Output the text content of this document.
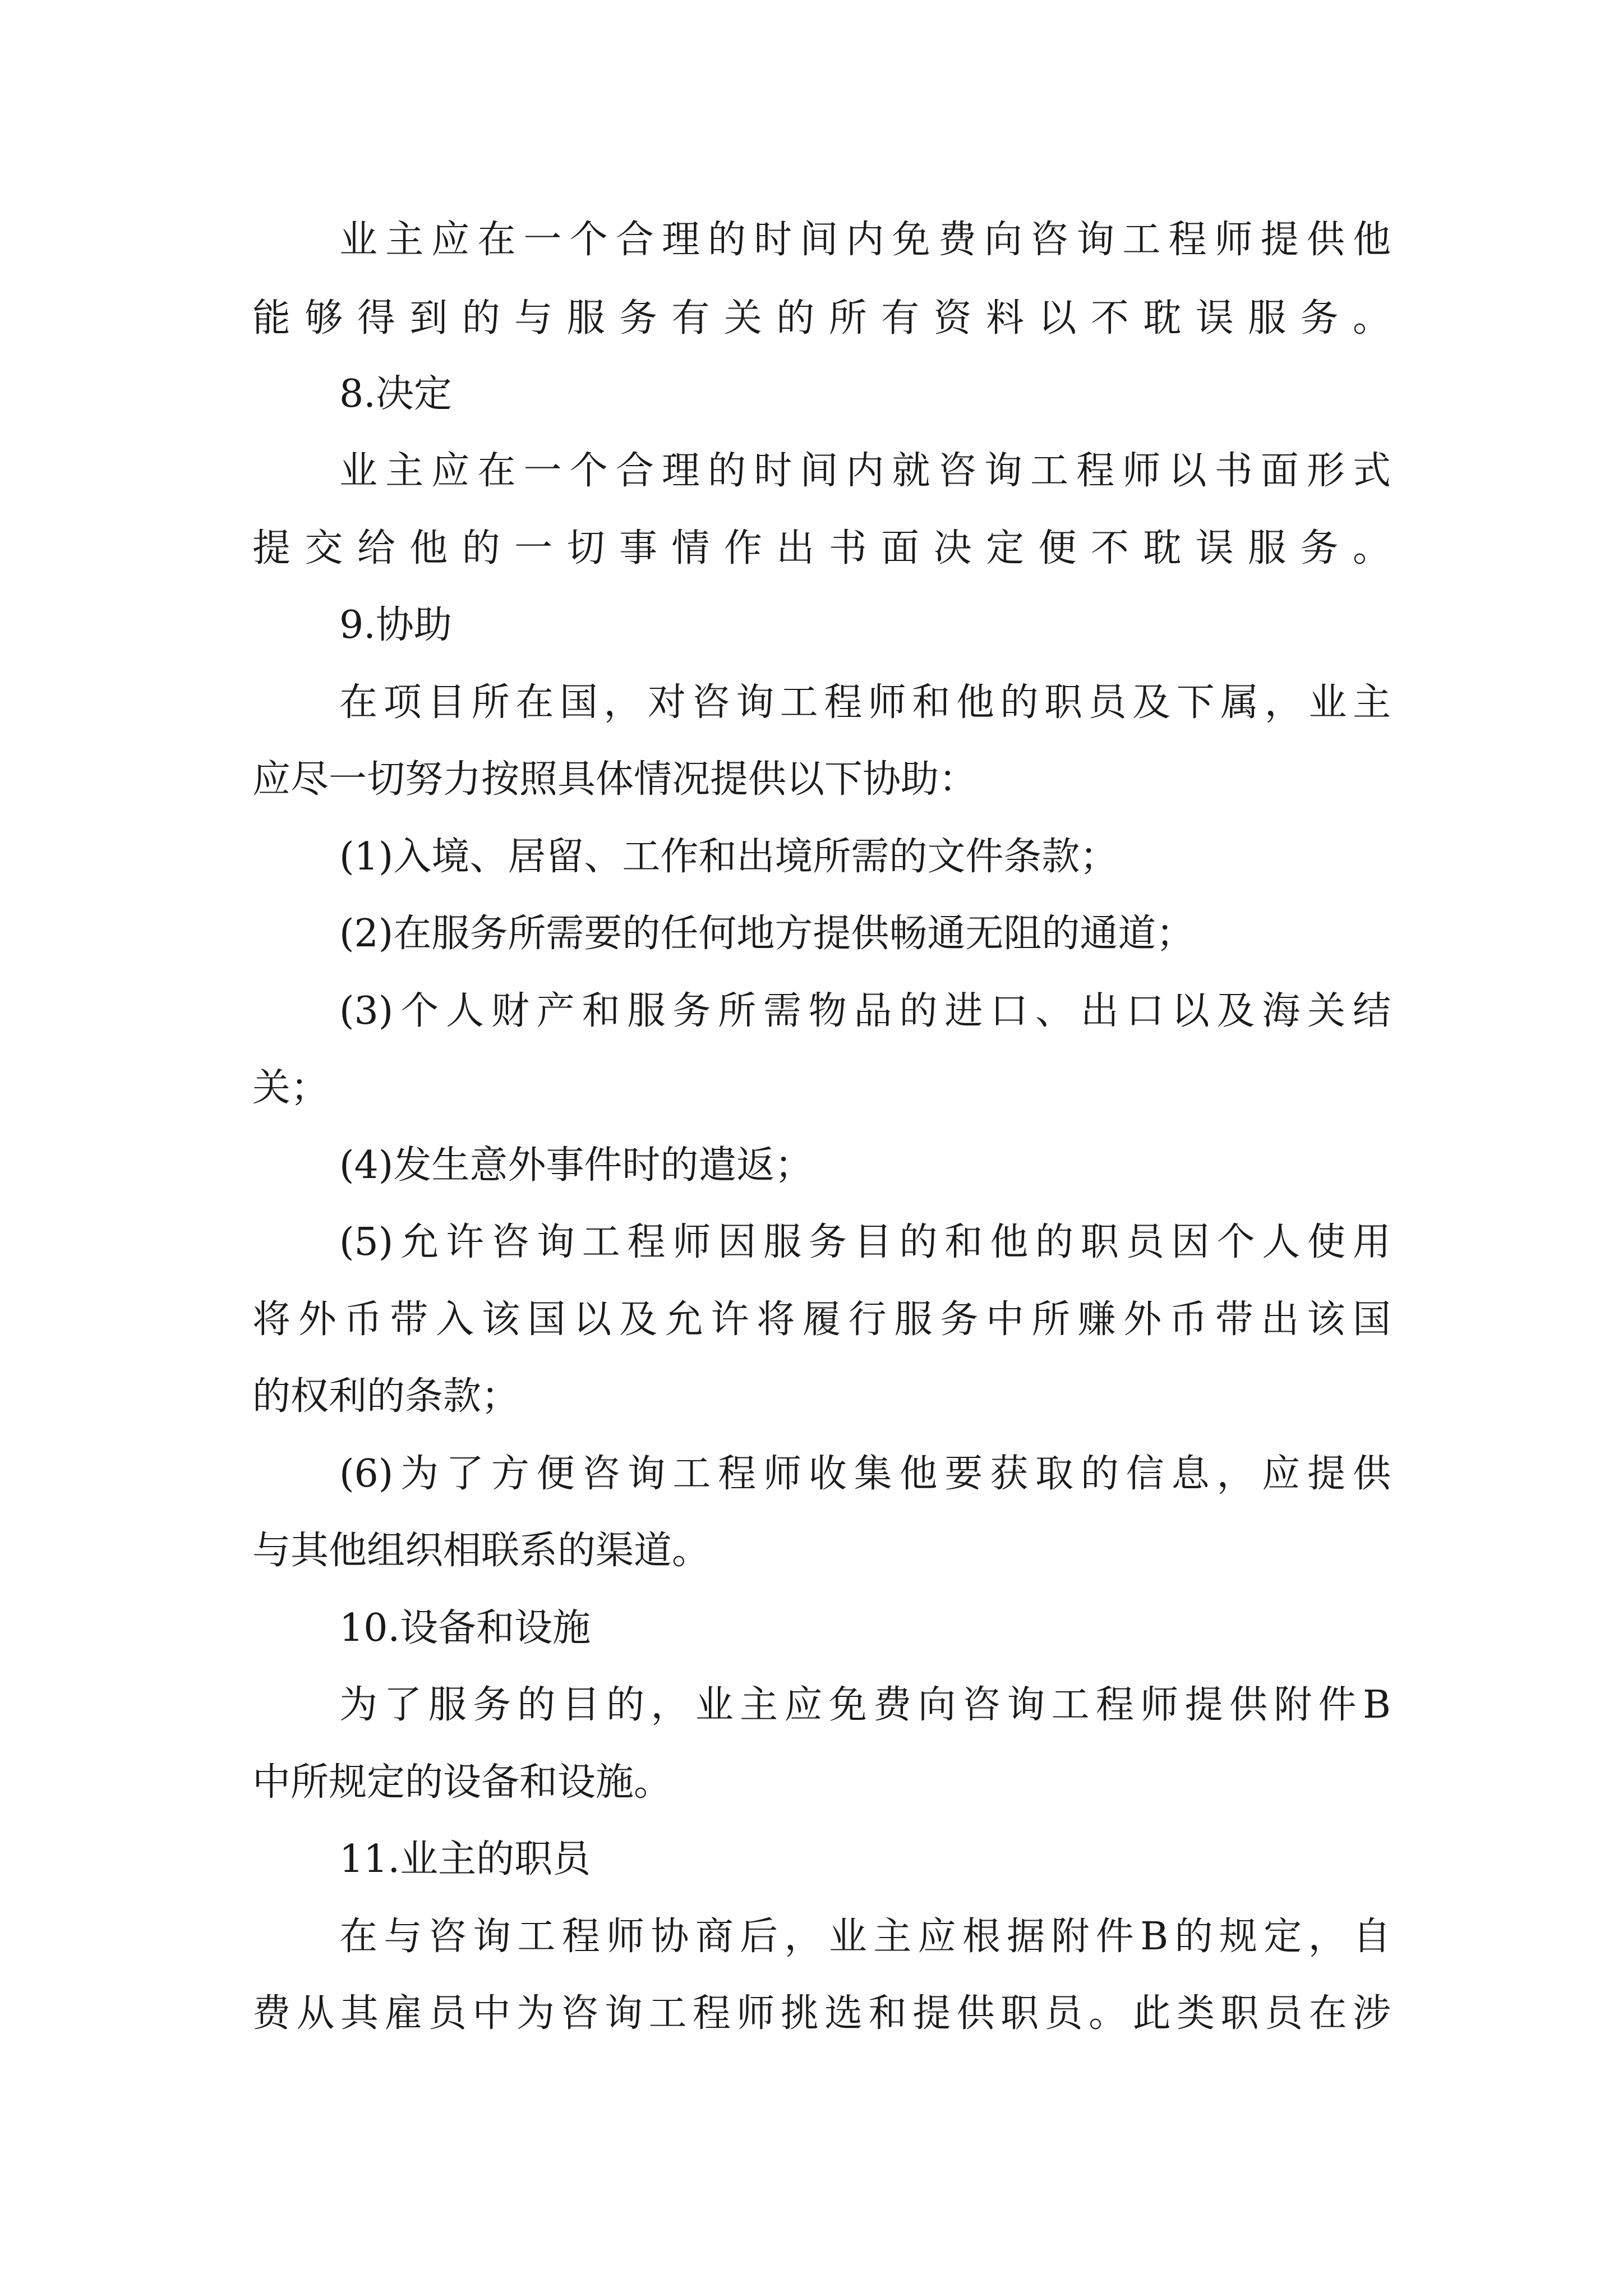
业主应在一个合理的时间内免费向咨询工程师提供他
能够得到的与服务有关的所有资料以不耽误服务。
8.决定
业主应在一个合理的时间内就咨询工程师以书面形式
提交给他的一切事情作出书面决定便不耽误服务。
9.协助
在项目所在国，对咨询工程师和他的职员及下属，业主
应尽一切努力按照具体情况提供以下协助：
(1)入境、居留、工作和出境所需的文件条款；
(2)在服务所需要的任何地方提供畅通无阻的通道；
(3)个人财产和服务所需物品的进口、出口以及海关结
关；
(4)发生意外事件时的遣返；
(5)允许咨询工程师因服务目的和他的职员因个人使用
将外币带入该国以及允许将履行服务中所赚外币带出该国
的权利的条款；
(6)为了方便咨询工程师收集他要获取的信息，应提供
与其他组织相联系的渠道。
10.设备和设施
为了服务的目的，业主应免费向咨询工程师提供附件B
中所规定的设备和设施。
11.业主的职员
在与咨询工程师协商后，业主应根据附件B的规定，自
费从其雇员中为咨询工程师挑选和提供职员。此类职员在涉
